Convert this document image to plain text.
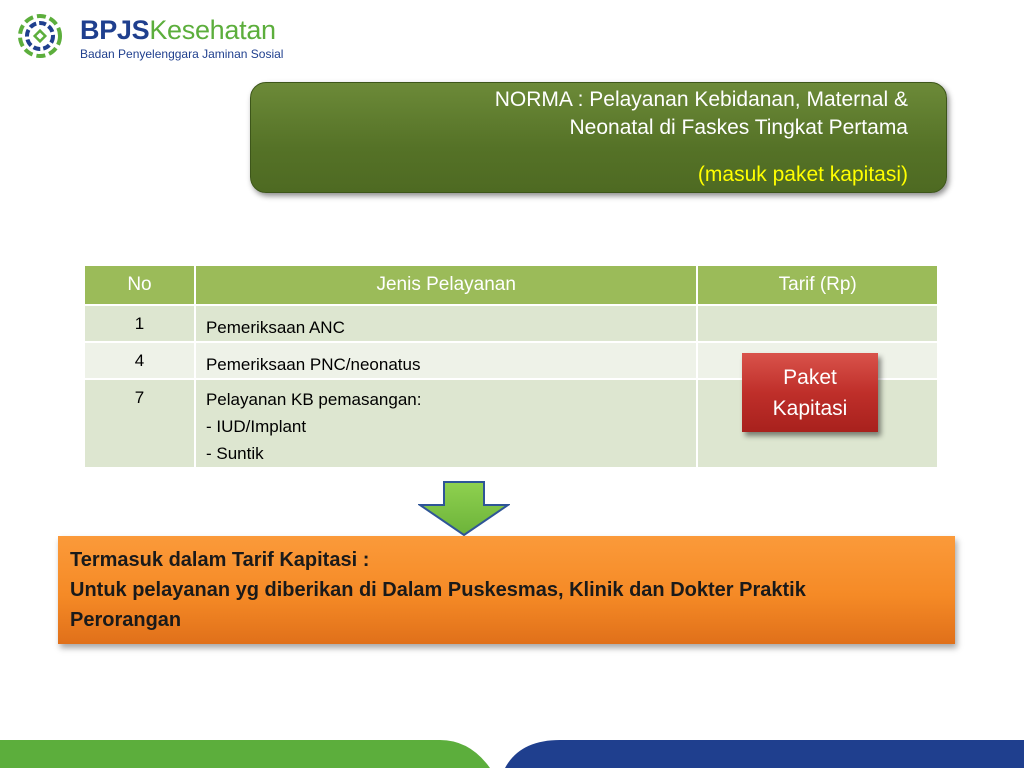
BPJSKesehatan
Badan Penyelenggara Jaminan Sosial
NORMA : Pelayanan Kebidanan, Maternal &
Neonatal di Faskes Tingkat Pertama
(masuk paket kapitasi)
No	Jenis Pelayanan	Tarif (Rp)

1	Pemeriksaan ANC	

4	Pemeriksaan PNC/neonatus	

7	Pelayanan KB pemasangan:
- IUD/Implant
- Suntik	

Paket
Kapitasi
Termasuk dalam Tarif Kapitasi :
Untuk pelayanan yg diberikan di Dalam Puskesmas, Klinik dan Dokter Praktik
Perorangan
